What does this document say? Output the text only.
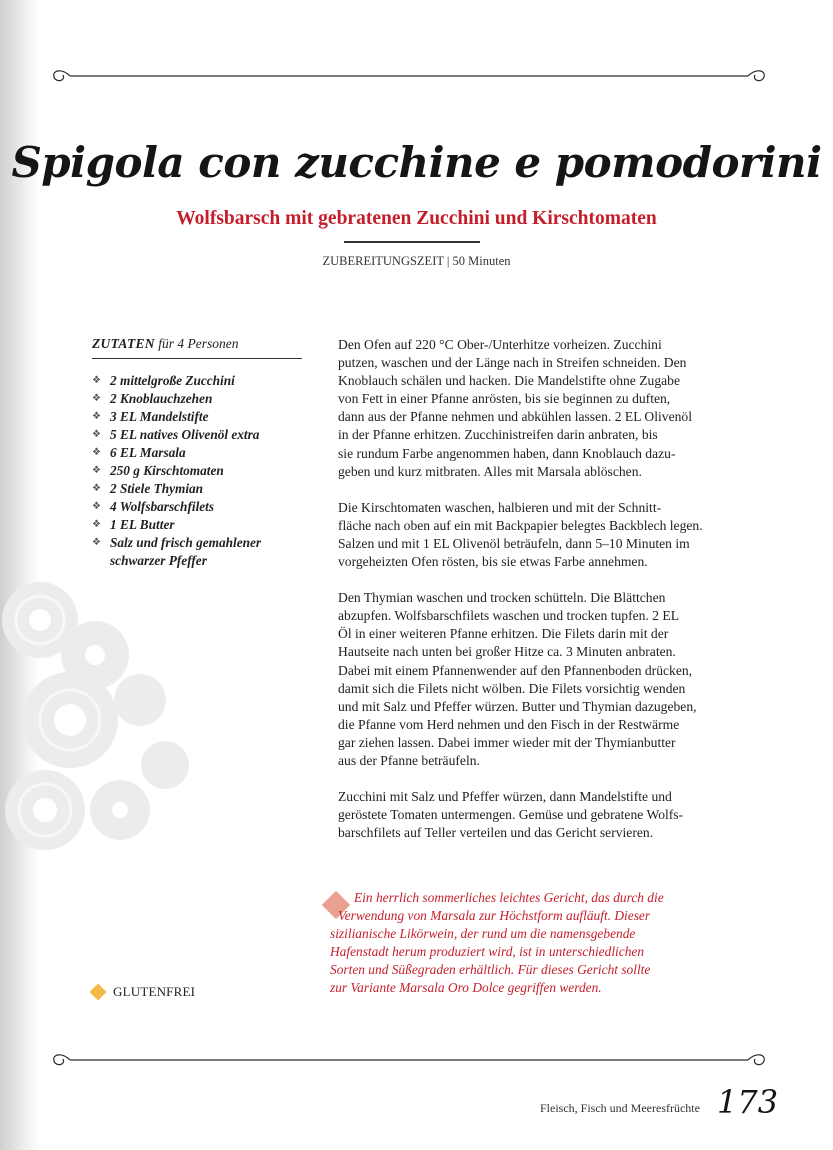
Spigola con zucchine e pomodorini
Wolfsbarsch mit gebratenen Zucchini und Kirschtomaten
ZUBEREITUNGSZEIT | 50 Minuten
ZUTATEN für 4 Personen
❖ 2 mittelgroße Zucchini
❖ 2 Knoblauchzehen
❖ 3 EL Mandelstifte
❖ 5 EL natives Olivenöl extra
❖ 6 EL Marsala
❖ 250 g Kirschtomaten
❖ 2 Stiele Thymian
❖ 4 Wolfsbarschfilets
❖ 1 EL Butter
❖ Salz und frisch gemahlener
schwarzer Pfeffer
GLUTENFREI

Den Ofen auf 220 °C Ober-/Unterhitze vorheizen. Zucchini
putzen, waschen und der Länge nach in Streifen schneiden. Den
Knoblauch schälen und hacken. Die Mandelstifte ohne Zugabe
von Fett in einer Pfanne anrösten, bis sie beginnen zu duften,
dann aus der Pfanne nehmen und abkühlen lassen. 2 EL Olivenöl
in der Pfanne erhitzen. Zucchinistreifen darin anbraten, bis
sie rundum Farbe angenommen haben, dann Knoblauch dazu-
geben und kurz mitbraten. Alles mit Marsala ablöschen.

Die Kirschtomaten waschen, halbieren und mit der Schnitt-
fläche nach oben auf ein mit Backpapier belegtes Backblech legen.
Salzen und mit 1 EL Olivenöl beträufeln, dann 5–10 Minuten im
vorgeheizten Ofen rösten, bis sie etwas Farbe annehmen.

Den Thymian waschen und trocken schütteln. Die Blättchen
abzupfen. Wolfsbarschfilets waschen und trocken tupfen. 2 EL
Öl in einer weiteren Pfanne erhitzen. Die Filets darin mit der
Hautseite nach unten bei großer Hitze ca. 3 Minuten anbraten.
Dabei mit einem Pfannenwender auf den Pfannenboden drücken,
damit sich die Filets nicht wölben. Die Filets vorsichtig wenden
und mit Salz und Pfeffer würzen. Butter und Thymian dazugeben,
die Pfanne vom Herd nehmen und den Fisch in der Restwärme
gar ziehen lassen. Dabei immer wieder mit der Thymianbutter
aus der Pfanne beträufeln.

Zucchini mit Salz und Pfeffer würzen, dann Mandelstifte und
geröstete Tomaten untermengen. Gemüse und gebratene Wolfs-
barschfilets auf Teller verteilen und das Gericht servieren.

Ein herrlich sommerliches leichtes Gericht, das durch die
Verwendung von Marsala zur Höchstform aufläuft. Dieser
sizilianische Likörwein, der rund um die namensgebende
Hafenstadt herum produziert wird, ist in unterschiedlichen
Sorten und Süßegraden erhältlich. Für dieses Gericht sollte
zur Variante Marsala Oro Dolce gegriffen werden.
Fleisch, Fisch und Meeresfrüchte 173
